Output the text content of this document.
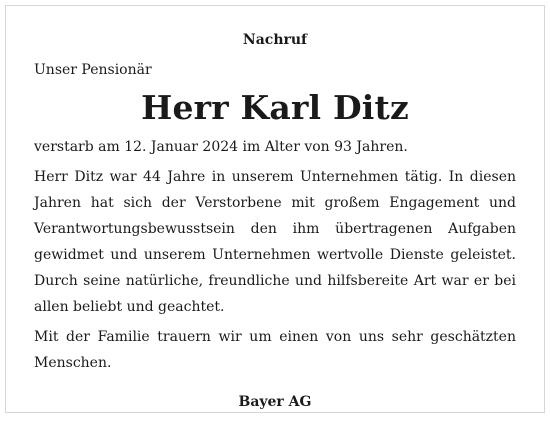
Nachruf

Unser Pensionär

Herr Karl Ditz

verstarb am 12. Januar 2024 im Alter von 93 Jahren.

Herr Ditz war 44 Jahre in unserem Unternehmen tätig. In diesen Jahren hat sich der Verstorbene mit großem Engagement und Verantwortungsbewusstsein den ihm übertragenen Aufgaben gewidmet und unserem Unternehmen wertvolle Dienste geleistet. Durch seine natürliche, freundliche und hilfsbereite Art war er bei allen beliebt und geachtet.

Mit der Familie trauern wir um einen von uns sehr geschätzten Menschen.

Bayer AG
